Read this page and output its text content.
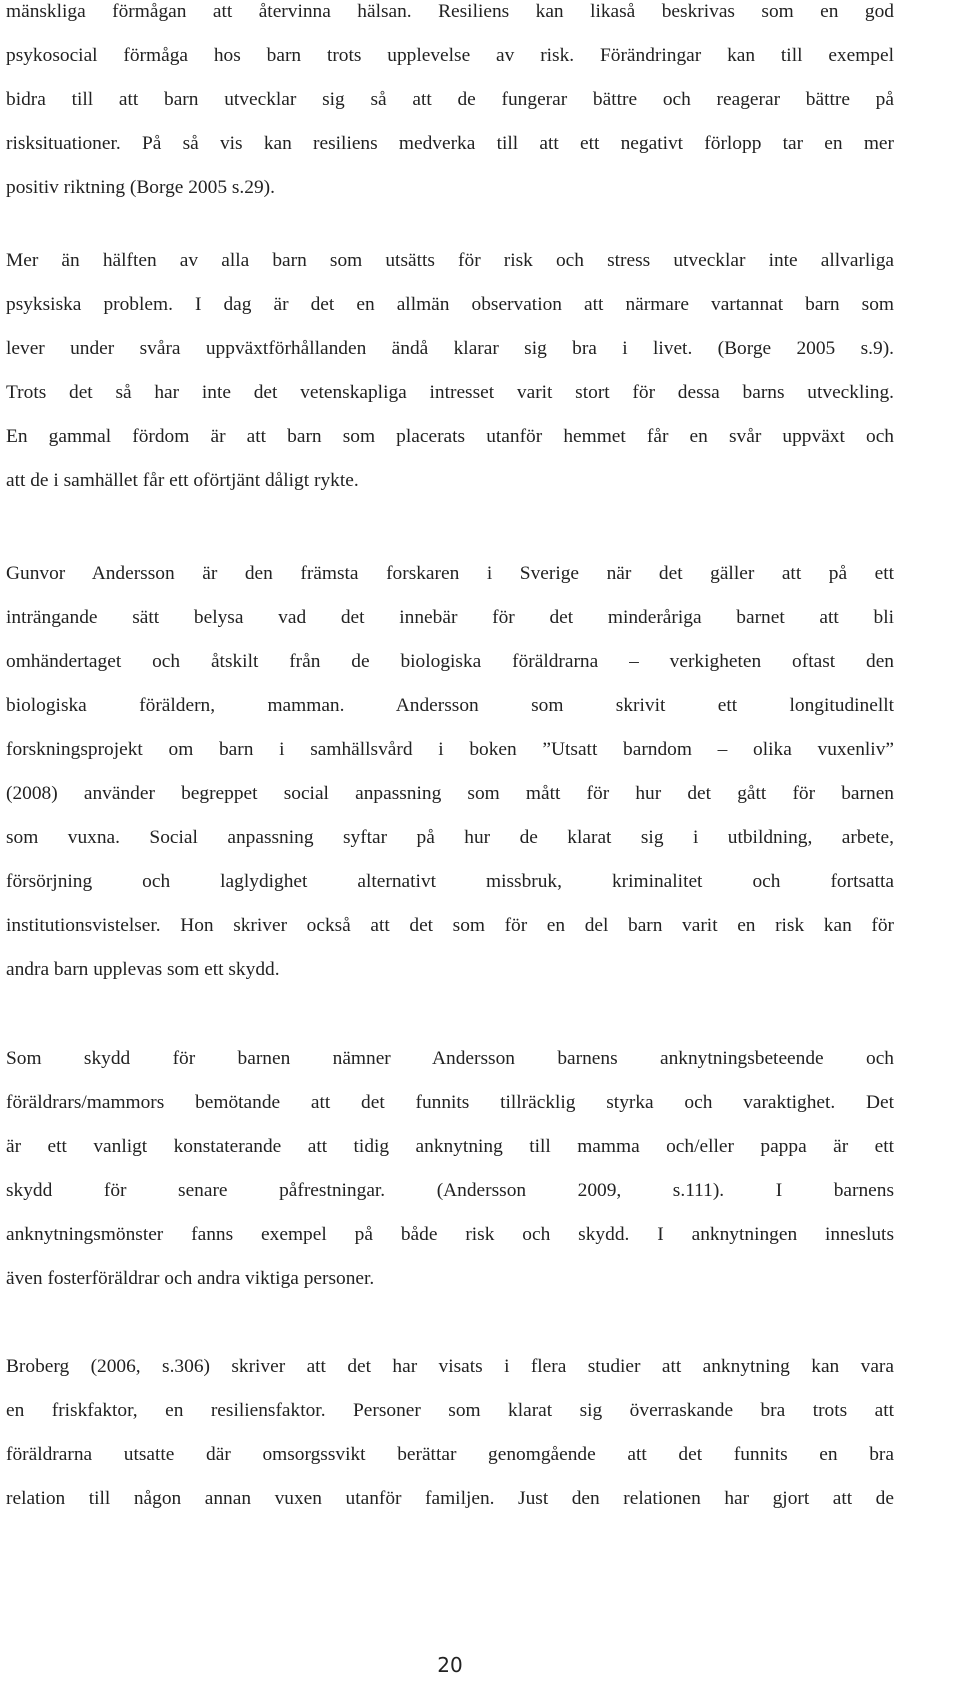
mänskliga förmågan att återvinna hälsan. Resiliens kan likaså beskrivas som en god
psykosocial förmåga hos barn trots upplevelse av risk. Förändringar kan till exempel
bidra till att barn utvecklar sig så att de fungerar bättre och reagerar bättre på
risksituationer. På så vis kan resiliens medverka till att ett negativt förlopp tar en mer
positiv riktning (Borge 2005 s.29).
Mer än hälften av alla barn som utsätts för risk och stress utvecklar inte allvarliga
psyksiska problem. I dag är det en allmän observation att närmare vartannat barn som
lever under svåra uppväxtförhållanden ändå klarar sig bra i livet. (Borge 2005 s.9).
Trots det så har inte det vetenskapliga intresset varit stort för dessa barns utveckling.
En gammal fördom är att barn som placerats utanför hemmet får en svår uppväxt och
att de i samhället får ett oförtjänt dåligt rykte.
Gunvor Andersson är den främsta forskaren i Sverige när det gäller att på ett
inträngande sätt belysa vad det innebär för det minderåriga barnet att bli
omhändertaget och åtskilt från de biologiska föräldrarna – verkigheten oftast den
biologiska föräldern, mamman. Andersson som skrivit ett longitudinellt
forskningsprojekt om barn i samhällsvård i boken ”Utsatt barndom – olika vuxenliv”
(2008) använder begreppet social anpassning som mått för hur det gått för barnen
som vuxna. Social anpassning syftar på hur de klarat sig i utbildning, arbete,
försörjning och laglydighet alternativt missbruk, kriminalitet och fortsatta
institutionsvistelser. Hon skriver också att det som för en del barn varit en risk kan för
andra barn upplevas som ett skydd.
Som skydd för barnen nämner Andersson barnens anknytningsbeteende och
föräldrars/mammors bemötande att det funnits tillräcklig styrka och varaktighet. Det
är ett vanligt konstaterande att tidig anknytning till mamma och/eller pappa är ett
skydd för senare påfrestningar. (Andersson 2009, s.111). I barnens
anknytningsmönster fanns exempel på både risk och skydd. I anknytningen innesluts
även fosterföräldrar och andra viktiga personer.
Broberg (2006, s.306) skriver att det har visats i flera studier att anknytning kan vara
en friskfaktor, en resiliensfaktor. Personer som klarat sig överraskande bra trots att
föräldrarna utsatte där omsorgssvikt berättar genomgående att det funnits en bra
relation till någon annan vuxen utanför familjen. Just den relationen har gjort att de
20
